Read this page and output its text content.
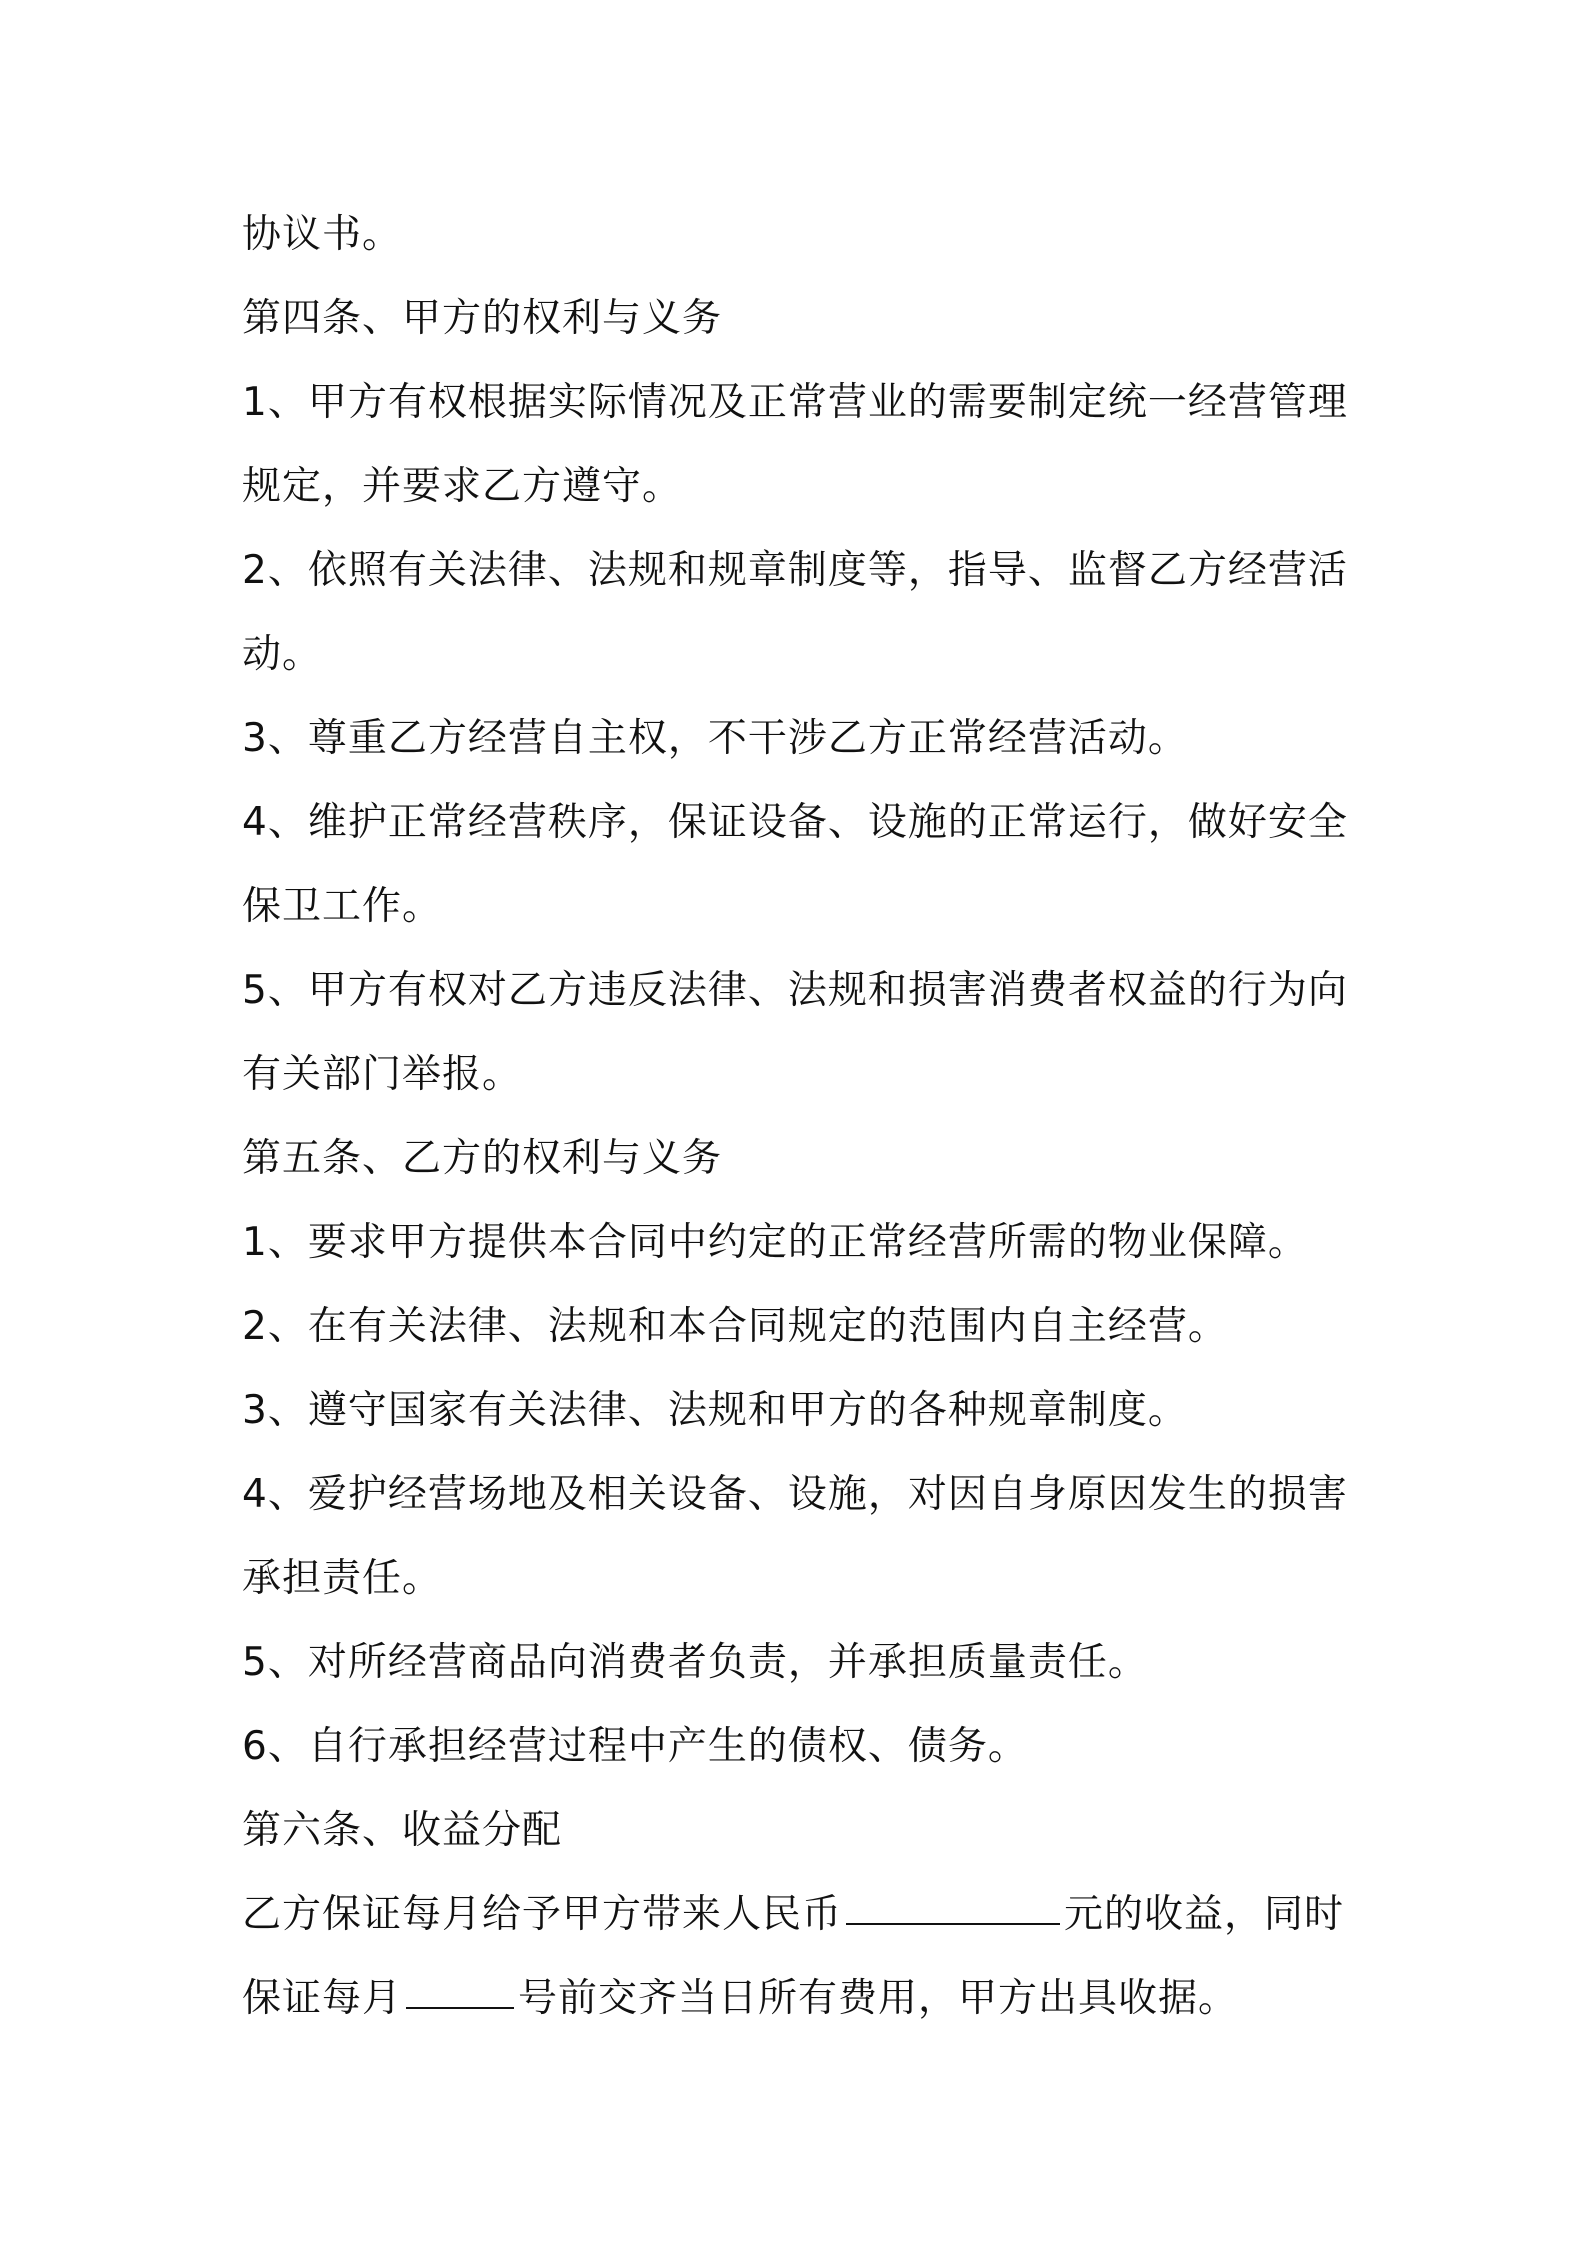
协议书。
第四条、甲方的权利与义务
1、甲方有权根据实际情况及正常营业的需要制定统一经营管理
规定，并要求乙方遵守。
2、依照有关法律、法规和规章制度等，指导、监督乙方经营活
动。
3、尊重乙方经营自主权，不干涉乙方正常经营活动。
4、维护正常经营秩序，保证设备、设施的正常运行，做好安全
保卫工作。
5、甲方有权对乙方违反法律、法规和损害消费者权益的行为向
有关部门举报。
第五条、乙方的权利与义务
1、要求甲方提供本合同中约定的正常经营所需的物业保障。
2、在有关法律、法规和本合同规定的范围内自主经营。
3、遵守国家有关法律、法规和甲方的各种规章制度。
4、爱护经营场地及相关设备、设施，对因自身原因发生的损害
承担责任。
5、对所经营商品向消费者负责，并承担质量责任。
6、自行承担经营过程中产生的债权、债务。
第六条、收益分配
乙方保证每月给予甲方带来人民币	元的收益，同时
保证每月	号前交齐当日所有费用，甲方出具收据。
